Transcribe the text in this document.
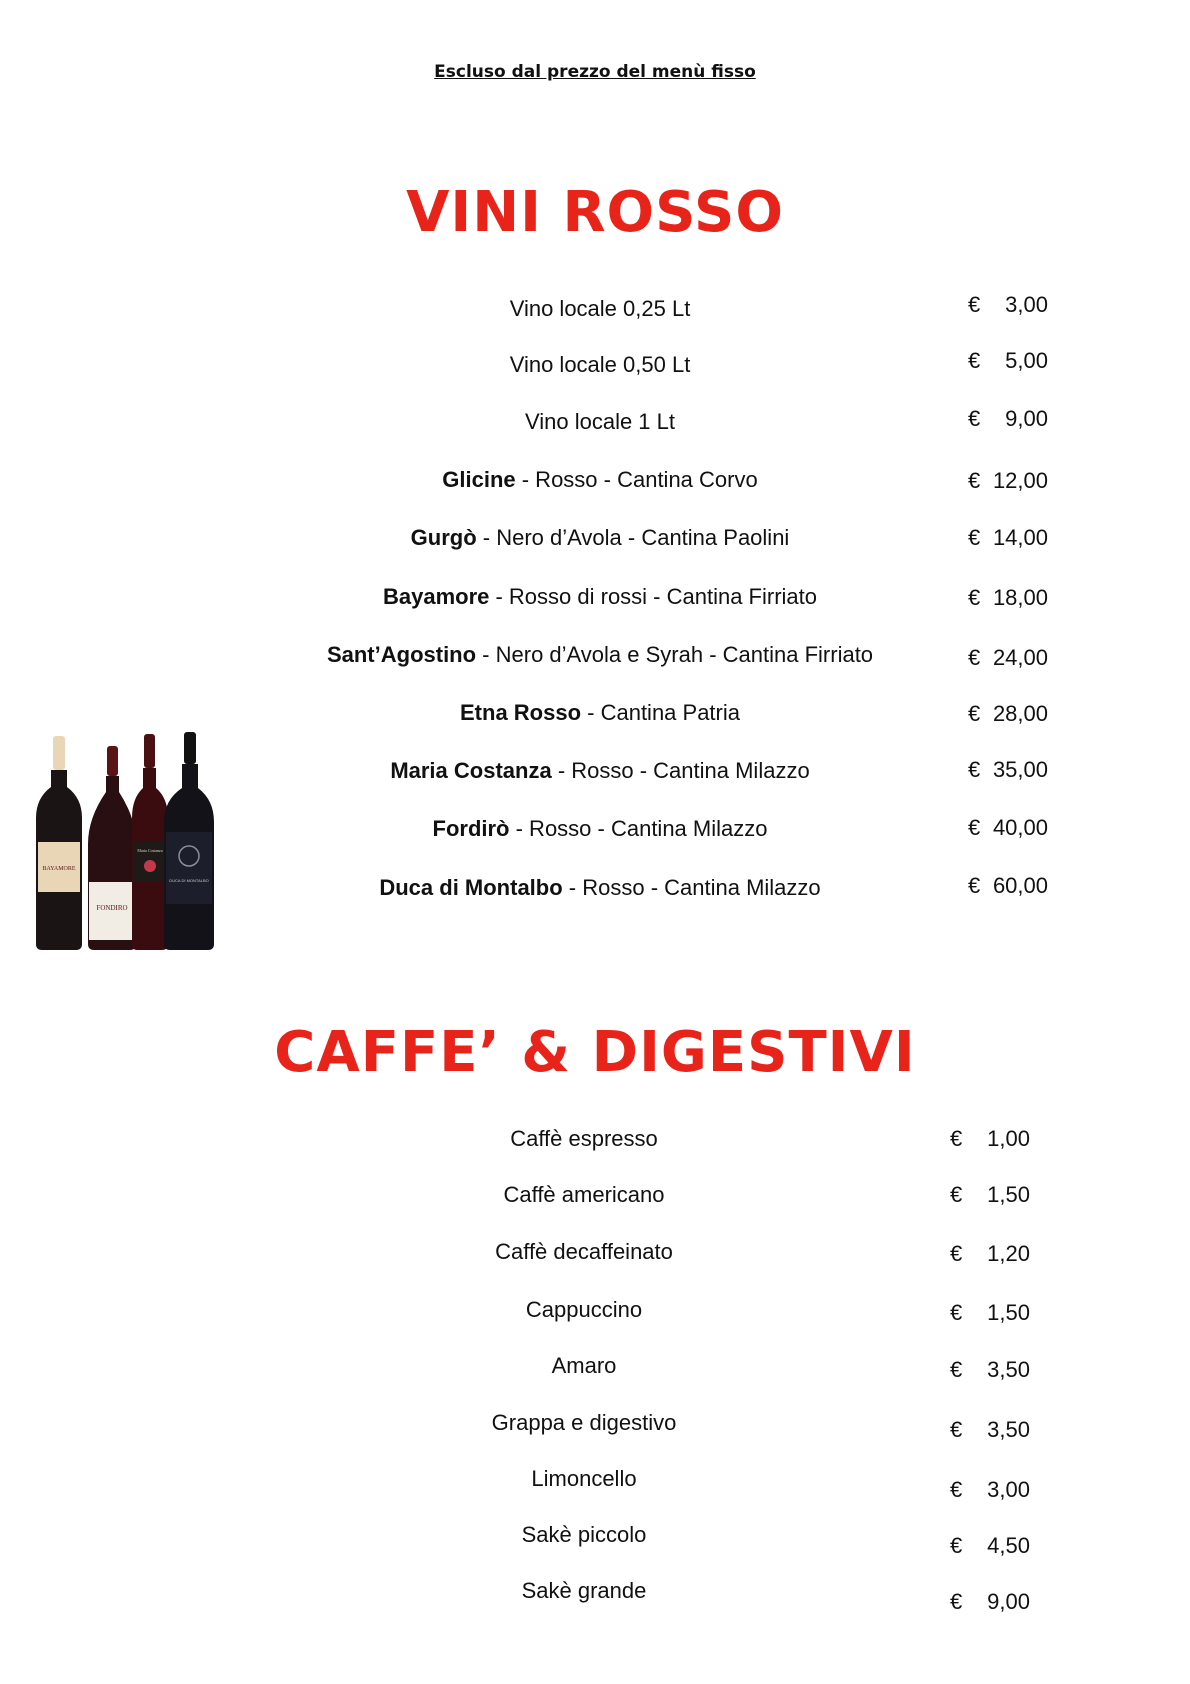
Escluso dal prezzo del menù fisso
VINI ROSSO
Vino locale 0,25 Lt	€ 3,00
Vino locale 0,50 Lt	€ 5,00
Vino locale 1 Lt	€ 9,00
Glicine - Rosso - Cantina Corvo	€ 12,00
Gurgò - Nero d’Avola - Cantina Paolini	€ 14,00
Bayamore - Rosso di rossi - Cantina Firriato	€ 18,00
Sant’Agostino - Nero d’Avola e Syrah - Cantina Firriato	€ 24,00
Etna Rosso - Cantina Patria	€ 28,00
Maria Costanza - Rosso - Cantina Milazzo	€ 35,00
Fordirò - Rosso - Cantina Milazzo	€ 40,00
Duca di Montalbo - Rosso - Cantina Milazzo	€ 60,00
BAYAMORE
FONDIRO
Maria Costanza
DUCA DI MONTALBO
CAFFE’ & DIGESTIVI
Caffè espresso	€ 1,00
Caffè americano	€ 1,50
Caffè decaffeinato	€ 1,20
Cappuccino	€ 1,50
Amaro	€ 3,50
Grappa e digestivo	€ 3,50
Limoncello	€ 3,00
Sakè piccolo	€ 4,50
Sakè grande	€ 9,00
